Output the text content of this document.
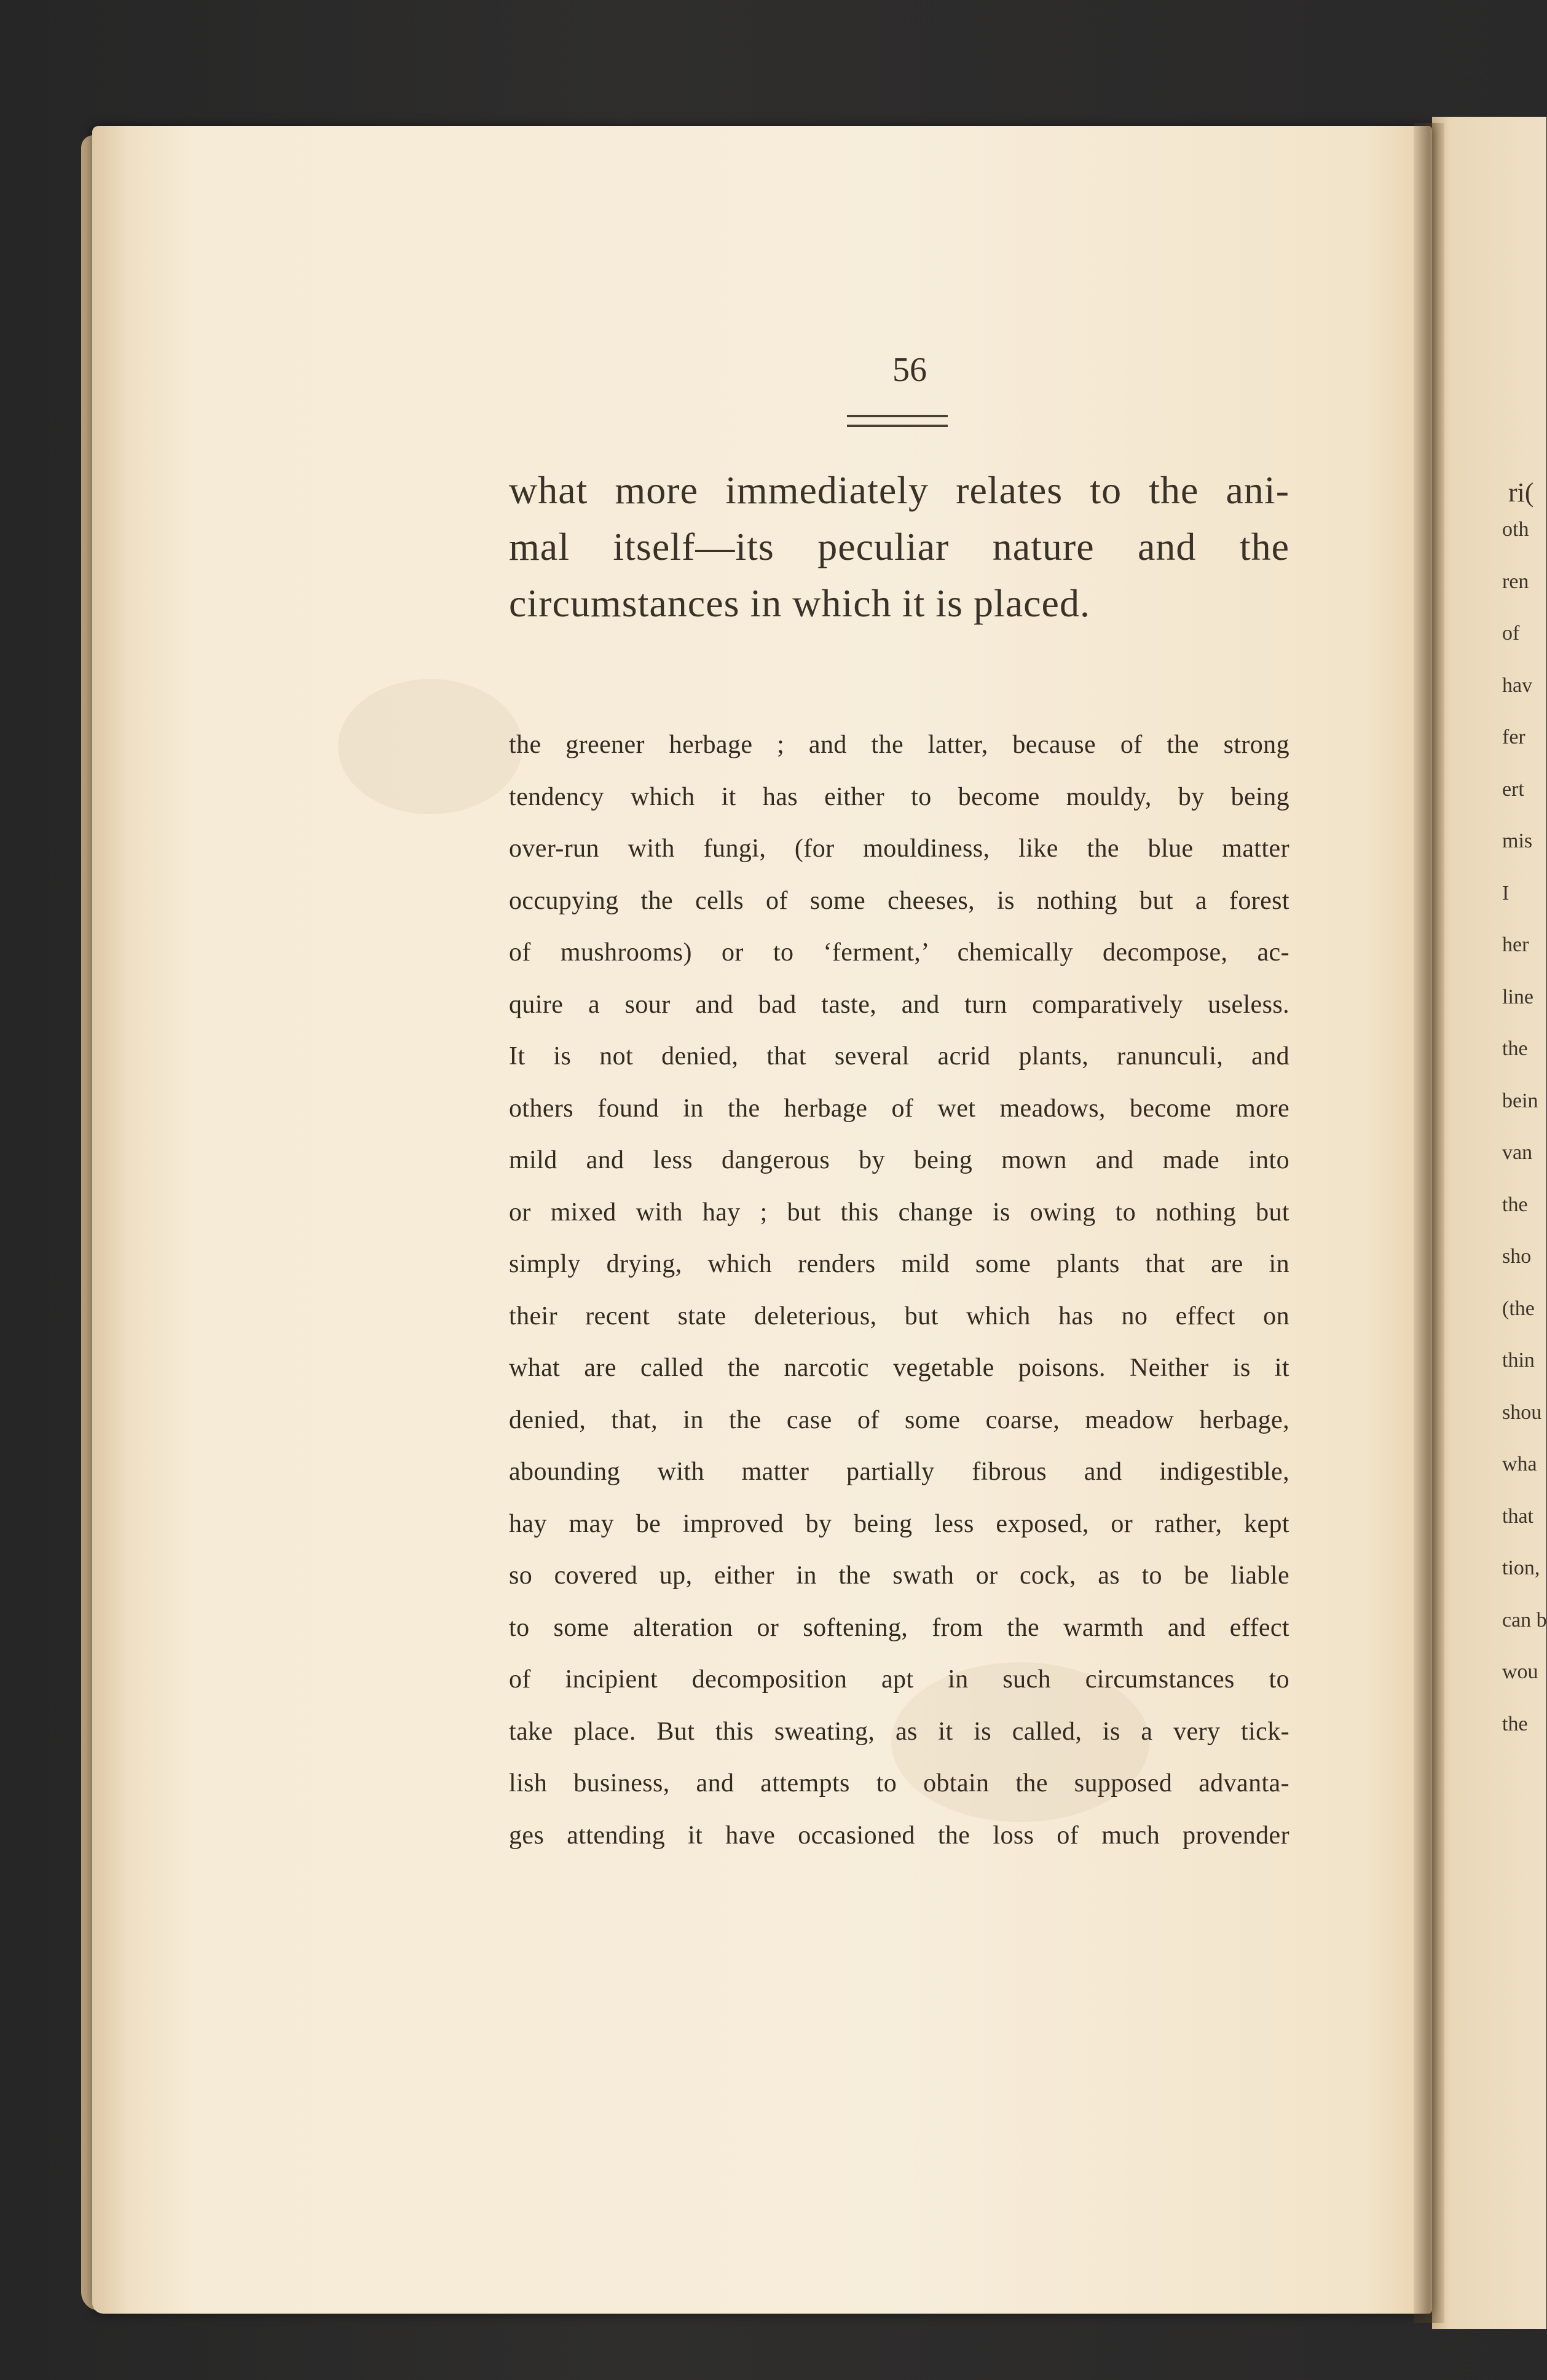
ri(
oth
ren
of
hav
fer
ert
mis
I
her
line
the
bein
van
the
sho
(the
thin
shou
wha
that
tion,
can b
wou
the
56
what more immediately relates to the ani-
mal itself—its peculiar nature and the
circumstances in which it is placed.
the greener herbage ; and the latter, because of the strong
tendency which it has either to become mouldy, by being
over-run with fungi, (for mouldiness, like the blue matter
occupying the cells of some cheeses, is nothing but a forest
of mushrooms) or to ‘ferment,’ chemically decompose, ac-
quire a sour and bad taste, and turn comparatively useless.
It is not denied, that several acrid plants, ranunculi, and
others found in the herbage of wet meadows, become more
mild and less dangerous by being mown and made into
or mixed with hay ; but this change is owing to nothing but
simply drying, which renders mild some plants that are in
their recent state deleterious, but which has no effect on
what are called the narcotic vegetable poisons. Neither is it
denied, that, in the case of some coarse, meadow herbage,
abounding with matter partially fibrous and indigestible,
hay may be improved by being less exposed, or rather, kept
so covered up, either in the swath or cock, as to be liable
to some alteration or softening, from the warmth and effect
of incipient decomposition apt in such circumstances to
take place. But this sweating, as it is called, is a very tick-
lish business, and attempts to obtain the supposed advanta-
ges attending it have occasioned the loss of much provender
